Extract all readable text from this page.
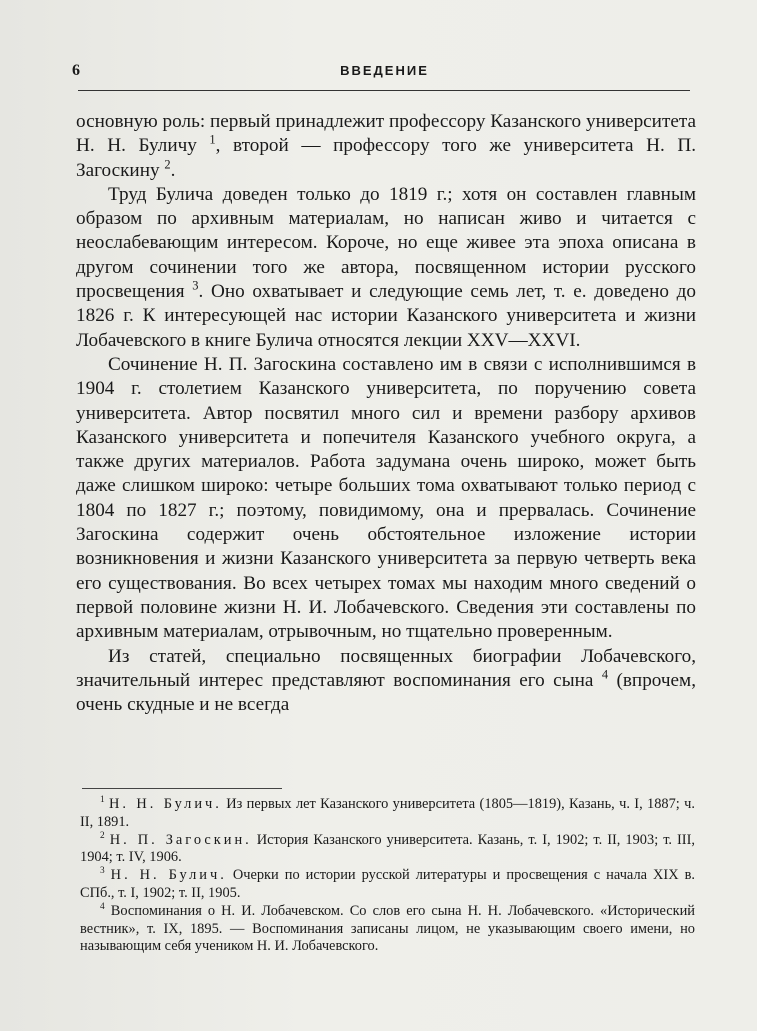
6	ВВЕДЕНИЕ

основную роль: первый принадлежит профессору Казанского университета Н. Н. Буличу $^1$, второй — профессору того же университета Н. П. Загоскину $^2$.

Труд Булича доведен только до 1819 г.; хотя он составлен главным образом по архивным материалам, но написан живо и читается с неослабевающим интересом. Короче, но еще живее эта эпоха описана в другом сочинении того же автора, посвященном истории русского просвещения $^3$. Оно охватывает и следующие семь лет, т. е. доведено до 1826 г. К интересующей нас истории Казанского университета и жизни Лобачевского в книге Булича относятся лекции XXV—XXVI.

Сочинение Н. П. Загоскина составлено им в связи с исполнившимся в 1904 г. столетием Казанского университета, по поручению совета университета. Автор посвятил много сил и времени разбору архивов Казанского университета и попечителя Казанского учебного округа, а также других материалов. Работа задумана очень широко, может быть даже слишком широко: четыре больших тома охватывают только период с 1804 по 1827 г.; поэтому, повидимому, она и прервалась. Сочинение Загоскина содержит очень обстоятельное изложение истории возникновения и жизни Казанского университета за первую четверть века его существования. Во всех четырех томах мы находим много сведений о первой половине жизни Н. И. Лобачевского. Сведения эти составлены по архивным материалам, отрывочным, но тщательно проверенным.

Из статей, специально посвященных биографии Лобачевского, значительный интерес представляют воспоминания его сына $^4$ (впрочем, очень скудные и не всегда

$^1$ Н. Н. Булич. Из первых лет Казанского университета (1805—1819), Казань, ч. I, 1887; ч. II, 1891.

$^2$ Н. П. Загоскин. История Казанского университета. Казань, т. I, 1902; т. II, 1903; т. III, 1904; т. IV, 1906.

$^3$ Н. Н. Булич. Очерки по истории русской литературы и просвещения с начала XIX в. СПб., т. I, 1902; т. II, 1905.

$^4$ Воспоминания о Н. И. Лобачевском. Со слов его сына Н. Н. Лобачевского. «Исторический вестник», т. IX, 1895. — Воспоминания записаны лицом, не указывающим своего имени, но называющим себя учеником Н. И. Лобачевского.
